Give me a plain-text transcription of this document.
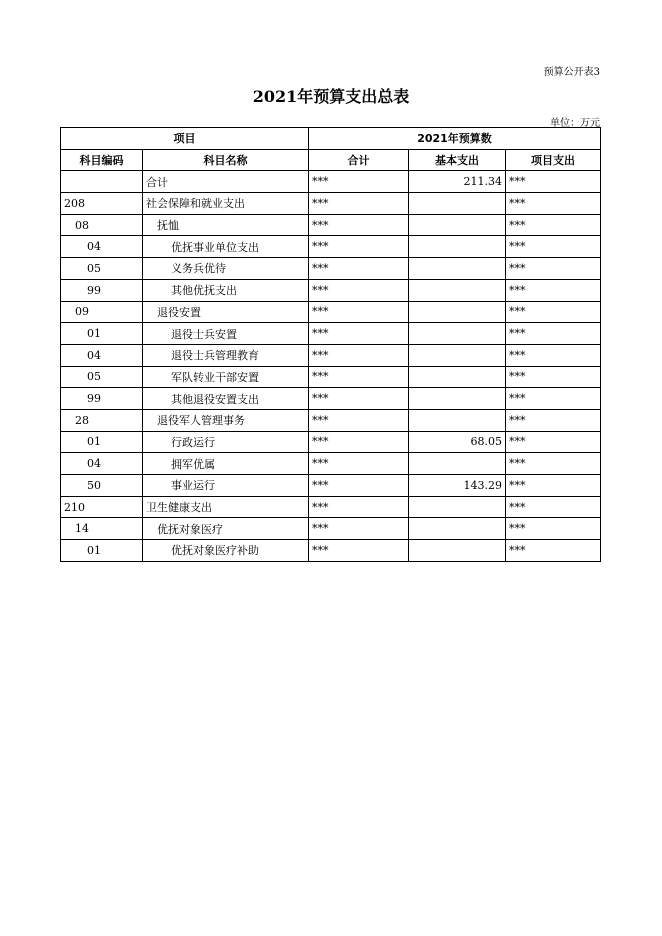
预算公开表3
2021年预算支出总表
单位：万元
项目		2021年预算数		
科目编码	科目名称	合计	基本支出	项目支出
	合计	***	211.34	***
208	社会保障和就业支出	***		***
08	抚恤	***		***
04	优抚事业单位支出	***		***
05	义务兵优待	***		***
99	其他优抚支出	***		***
09	退役安置	***		***
01	退役士兵安置	***		***
04	退役士兵管理教育	***		***
05	军队转业干部安置	***		***
99	其他退役安置支出	***		***
28	退役军人管理事务	***		***
01	行政运行	***	68.05	***
04	拥军优属	***		***
50	事业运行	***	143.29	***
210	卫生健康支出	***		***
14	优抚对象医疗	***		***
01	优抚对象医疗补助	***		***
